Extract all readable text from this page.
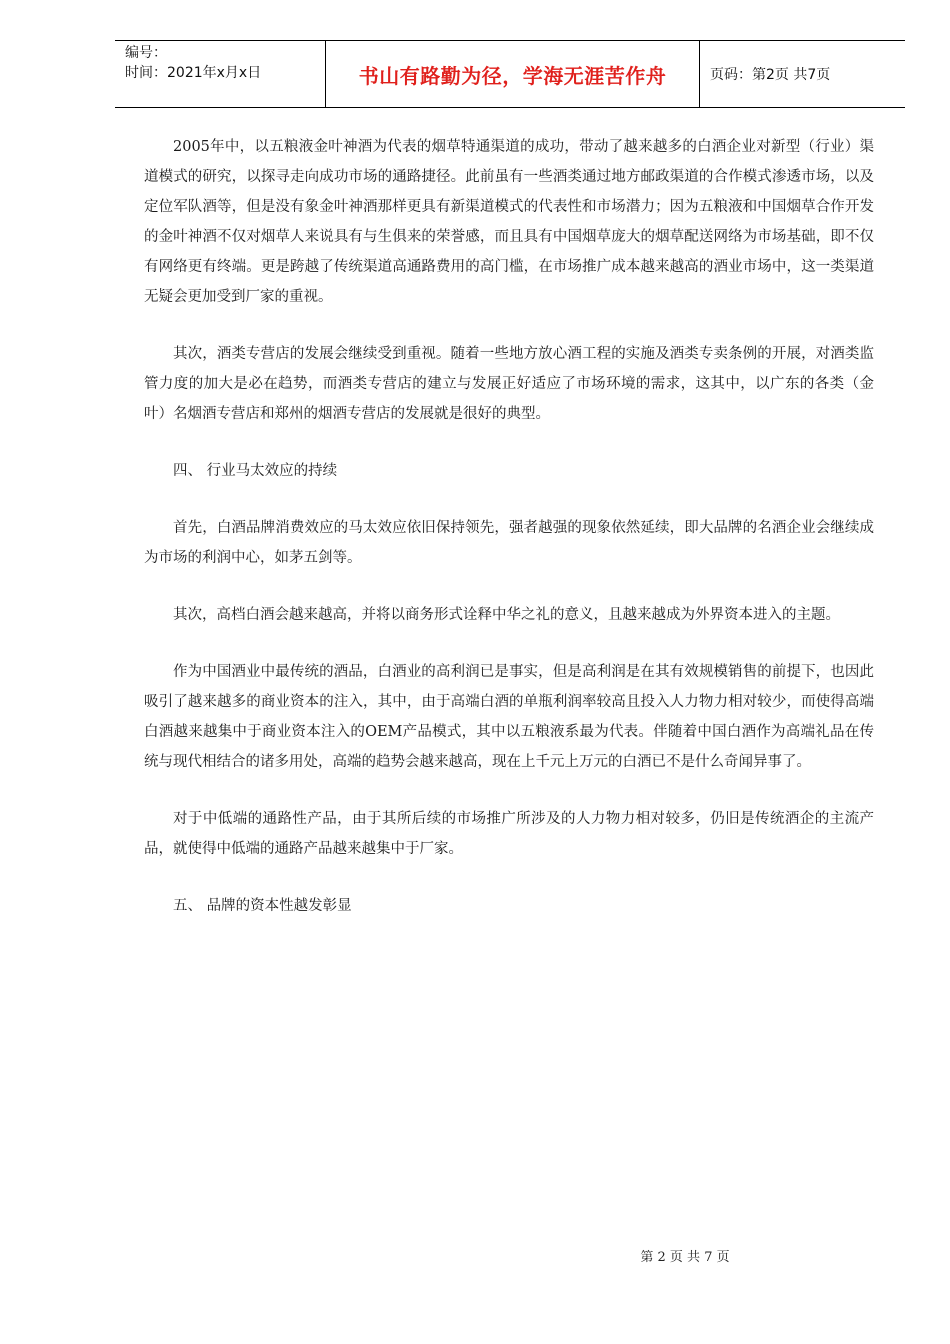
编号：
时间：2021年x月x日	书山有路勤为径，学海无涯苦作舟	页码：第2页 共7页

2005年中，以五粮液金叶神酒为代表的烟草特通渠道的成功，带动了越来越多的白酒企业对新型（行业）渠道模式的研究，以探寻走向成功市场的通路捷径。此前虽有一些酒类通过地方邮政渠道的合作模式渗透市场，以及定位军队酒等，但是没有象金叶神酒那样更具有新渠道模式的代表性和市场潜力；因为五粮液和中国烟草合作开发的金叶神酒不仅对烟草人来说具有与生俱来的荣誉感，而且具有中国烟草庞大的烟草配送网络为市场基础，即不仅有网络更有终端。更是跨越了传统渠道高通路费用的高门槛，在市场推广成本越来越高的酒业市场中，这一类渠道无疑会更加受到厂家的重视。

其次，酒类专营店的发展会继续受到重视。随着一些地方放心酒工程的实施及酒类专卖条例的开展，对酒类监管力度的加大是必在趋势，而酒类专营店的建立与发展正好适应了市场环境的需求，这其中，以广东的各类（金叶）名烟酒专营店和郑州的烟酒专营店的发展就是很好的典型。

四、 行业马太效应的持续

首先，白酒品牌消费效应的马太效应依旧保持领先，强者越强的现象依然延续，即大品牌的名酒企业会继续成为市场的利润中心，如茅五剑等。

其次，高档白酒会越来越高，并将以商务形式诠释中华之礼的意义，且越来越成为外界资本进入的主题。

作为中国酒业中最传统的酒品，白酒业的高利润已是事实，但是高利润是在其有效规模销售的前提下，也因此吸引了越来越多的商业资本的注入，其中，由于高端白酒的单瓶利润率较高且投入人力物力相对较少，而使得高端白酒越来越集中于商业资本注入的OEM产品模式，其中以五粮液系最为代表。伴随着中国白酒作为高端礼品在传统与现代相结合的诸多用处，高端的趋势会越来越高，现在上千元上万元的白酒已不是什么奇闻异事了。

对于中低端的通路性产品，由于其所后续的市场推广所涉及的人力物力相对较多，仍旧是传统酒企的主流产品，就使得中低端的通路产品越来越集中于厂家。

五、 品牌的资本性越发彰显

第 2 页 共 7 页
